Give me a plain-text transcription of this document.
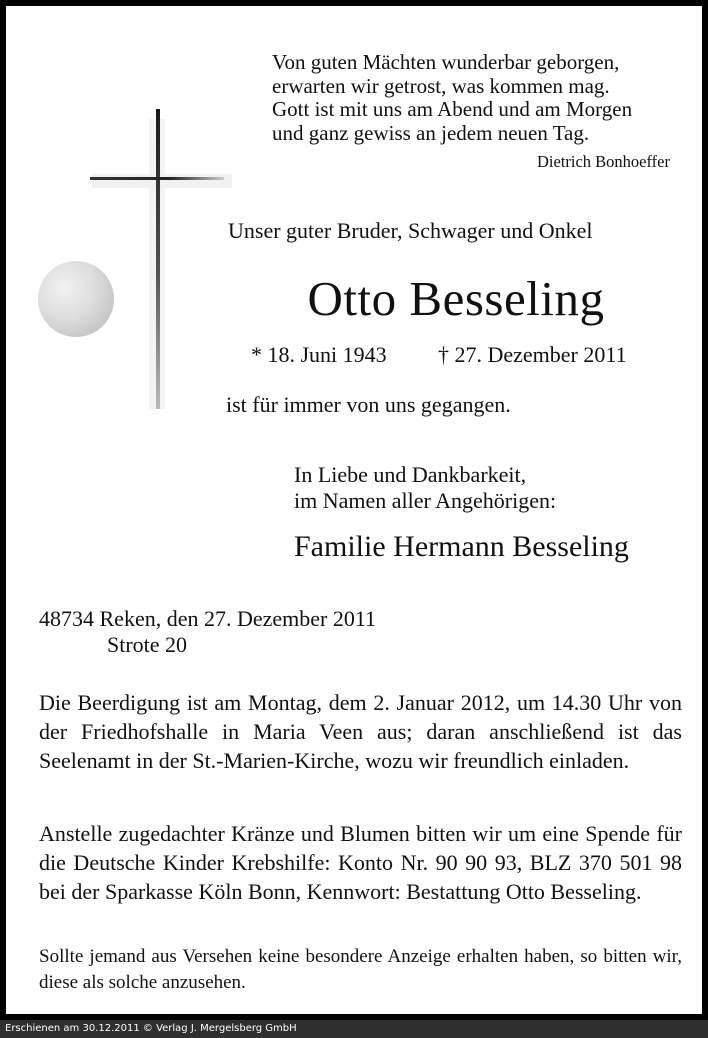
Von guten Mächten wunderbar geborgen,
erwarten wir getrost, was kommen mag.
Gott ist mit uns am Abend und am Morgen
und ganz gewiss an jedem neuen Tag.
Dietrich Bonhoeffer
Unser guter Bruder, Schwager und Onkel
Otto Besseling
* 18. Juni 1943 † 27. Dezember 2011
ist für immer von uns gegangen.
In Liebe und Dankbarkeit,
im Namen aller Angehörigen:
Familie Hermann Besseling
48734 Reken, den 27. Dezember 2011
Strote 20

Die Beerdigung ist am Montag, dem 2. Januar 2012, um 14.30 Uhr von der Friedhofshalle in Maria Veen aus; daran anschließend ist das Seelenamt in der St.-Marien-Kirche, wozu wir freundlich einladen.

Anstelle zugedachter Kränze und Blumen bitten wir um eine Spende für die Deutsche Kinder Krebshilfe: Konto Nr. 90 90 93, BLZ 370 501 98 bei der Sparkasse Köln Bonn, Kennwort: Bestattung Otto Besseling.

Sollte jemand aus Versehen keine besondere Anzeige erhalten haben, so bitten wir, diese als solche anzusehen.

Erschienen am 30.12.2011 © Verlag J. Mergelsberg GmbH
